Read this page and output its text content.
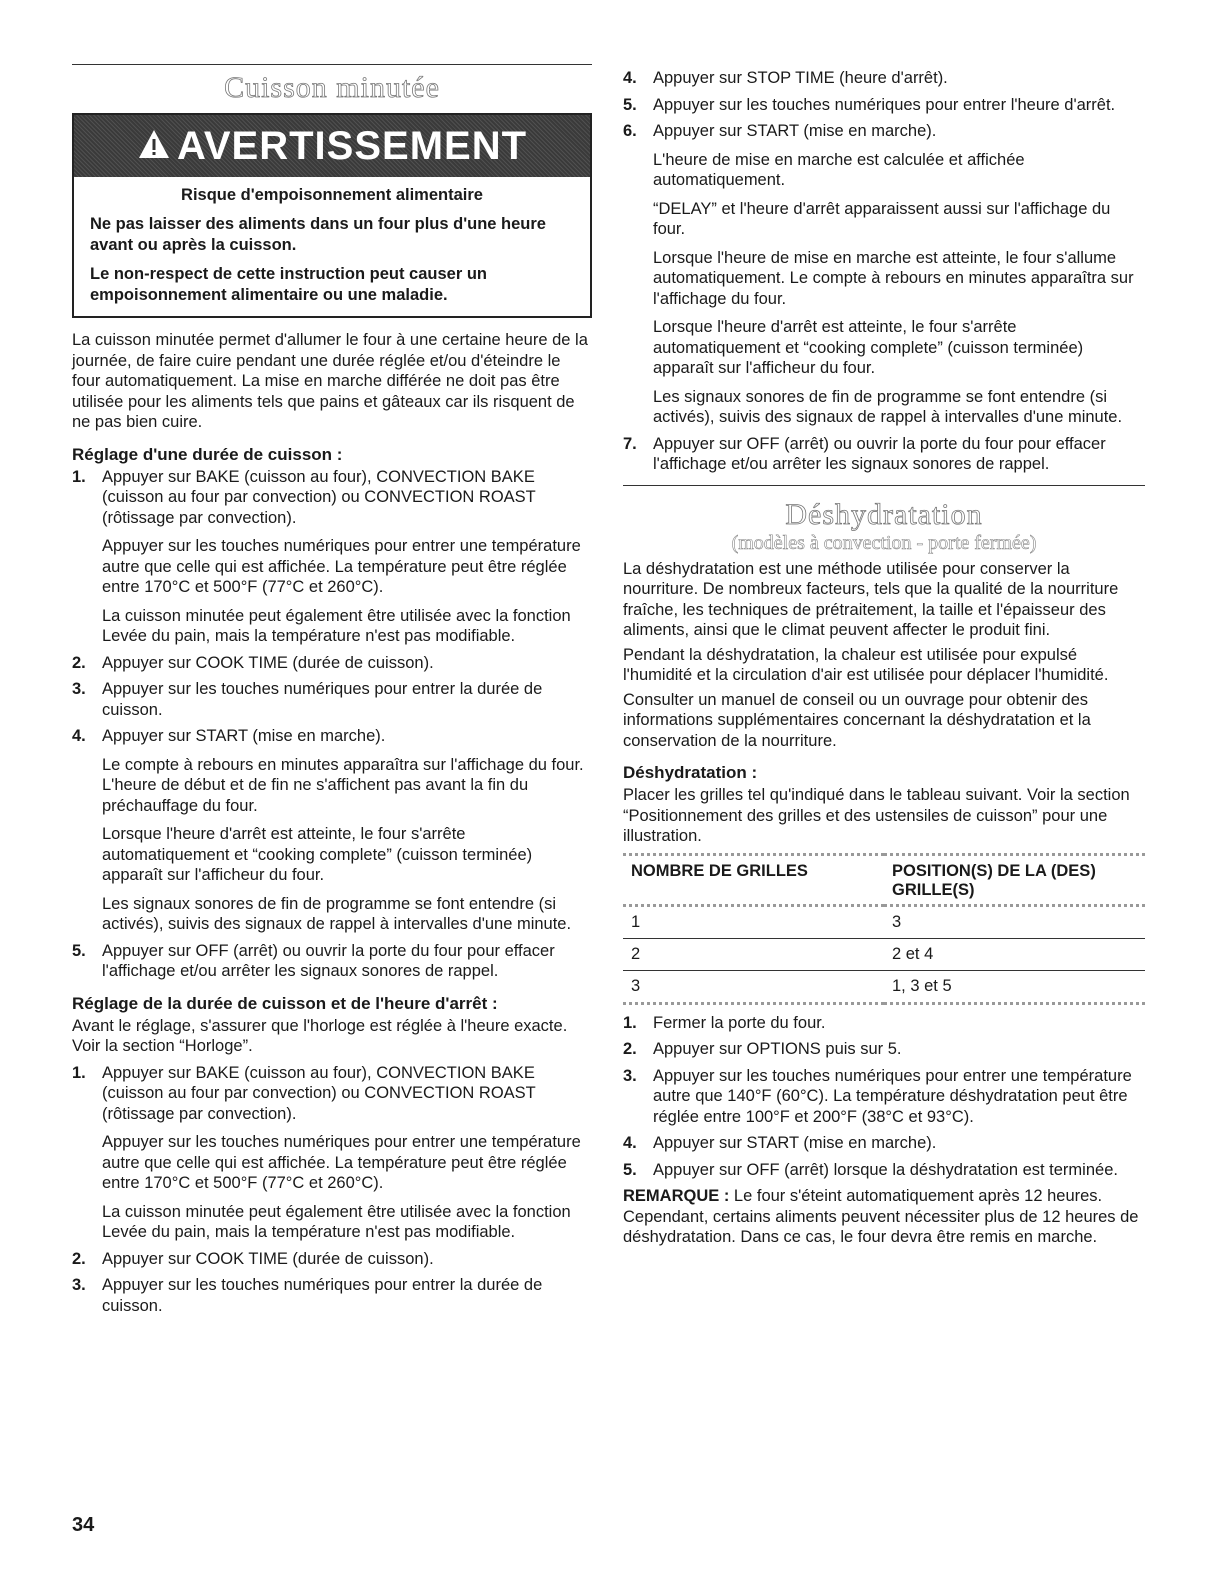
Cuisson minutée
AVERTISSEMENT
Risque d'empoisonnement alimentaire

Ne pas laisser des aliments dans un four plus d'une heure avant ou après la cuisson.

Le non-respect de cette instruction peut causer un empoisonnement alimentaire ou une maladie.

La cuisson minutée permet d'allumer le four à une certaine heure de la journée, de faire cuire pendant une durée réglée et/ou d'éteindre le four automatiquement. La mise en marche différée ne doit pas être utilisée pour les aliments tels que pains et gâteaux car ils risquent de ne pas bien cuire.

Réglage d'une durée de cuisson :
1. Appuyer sur BAKE (cuisson au four), CONVECTION BAKE (cuisson au four par convection) ou CONVECTION ROAST (rôtissage par convection).

Appuyer sur les touches numériques pour entrer une température autre que celle qui est affichée. La température peut être réglée entre 170°C et 500°F (77°C et 260°C).

La cuisson minutée peut également être utilisée avec la fonction Levée du pain, mais la température n'est pas modifiable.

2. Appuyer sur COOK TIME (durée de cuisson).

3. Appuyer sur les touches numériques pour entrer la durée de cuisson.

4. Appuyer sur START (mise en marche).

Le compte à rebours en minutes apparaîtra sur l'affichage du four. L'heure de début et de fin ne s'affichent pas avant la fin du préchauffage du four.

Lorsque l'heure d'arrêt est atteinte, le four s'arrête automatiquement et “cooking complete” (cuisson terminée) apparaît sur l'afficheur du four.

Les signaux sonores de fin de programme se font entendre (si activés), suivis des signaux de rappel à intervalles d'une minute.

5. Appuyer sur OFF (arrêt) ou ouvrir la porte du four pour effacer l'affichage et/ou arrêter les signaux sonores de rappel.

Réglage de la durée de cuisson et de l'heure d'arrêt :

Avant le réglage, s'assurer que l'horloge est réglée à l'heure exacte. Voir la section “Horloge”.

1. Appuyer sur BAKE (cuisson au four), CONVECTION BAKE (cuisson au four par convection) ou CONVECTION ROAST (rôtissage par convection).

Appuyer sur les touches numériques pour entrer une température autre que celle qui est affichée. La température peut être réglée entre 170°C et 500°F (77°C et 260°C).

La cuisson minutée peut également être utilisée avec la fonction Levée du pain, mais la température n'est pas modifiable.

2. Appuyer sur COOK TIME (durée de cuisson).

3. Appuyer sur les touches numériques pour entrer la durée de cuisson.

4. Appuyer sur STOP TIME (heure d'arrêt).

5. Appuyer sur les touches numériques pour entrer l'heure d'arrêt.

6. Appuyer sur START (mise en marche).

L'heure de mise en marche est calculée et affichée automatiquement.

“DELAY” et l'heure d'arrêt apparaissent aussi sur l'affichage du four.

Lorsque l'heure de mise en marche est atteinte, le four s'allume automatiquement. Le compte à rebours en minutes apparaîtra sur l'affichage du four.

Lorsque l'heure d'arrêt est atteinte, le four s'arrête automatiquement et “cooking complete” (cuisson terminée) apparaît sur l'afficheur du four.

Les signaux sonores de fin de programme se font entendre (si activés), suivis des signaux de rappel à intervalles d'une minute.

7. Appuyer sur OFF (arrêt) ou ouvrir la porte du four pour effacer l'affichage et/ou arrêter les signaux sonores de rappel.

Déshydratation
(modèles à convection - porte fermée)

La déshydratation est une méthode utilisée pour conserver la nourriture. De nombreux facteurs, tels que la qualité de la nourriture fraîche, les techniques de prétraitement, la taille et l'épaisseur des aliments, ainsi que le climat peuvent affecter le produit fini.

Pendant la déshydratation, la chaleur est utilisée pour expulsé l'humidité et la circulation d'air est utilisée pour déplacer l'humidité.

Consulter un manuel de conseil ou un ouvrage pour obtenir des informations supplémentaires concernant la déshydratation et la conservation de la nourriture.

Déshydratation :

Placer les grilles tel qu'indiqué dans le tableau suivant. Voir la section “Positionnement des grilles et des ustensiles de cuisson” pour une illustration.

NOMBRE DE GRILLES	POSITION(S) DE LA (DES) GRILLE(S)
1	3
2	2 et 4
3	1, 3 et 5
1. Fermer la porte du four.

2. Appuyer sur OPTIONS puis sur 5.

3. Appuyer sur les touches numériques pour entrer une température autre que 140°F (60°C). La température déshydratation peut être réglée entre 100°F et 200°F (38°C et 93°C).

4. Appuyer sur START (mise en marche).

5. Appuyer sur OFF (arrêt) lorsque la déshydratation est terminée.

REMARQUE : Le four s'éteint automatiquement après 12 heures. Cependant, certains aliments peuvent nécessiter plus de 12 heures de déshydratation. Dans ce cas, le four devra être remis en marche.

34
